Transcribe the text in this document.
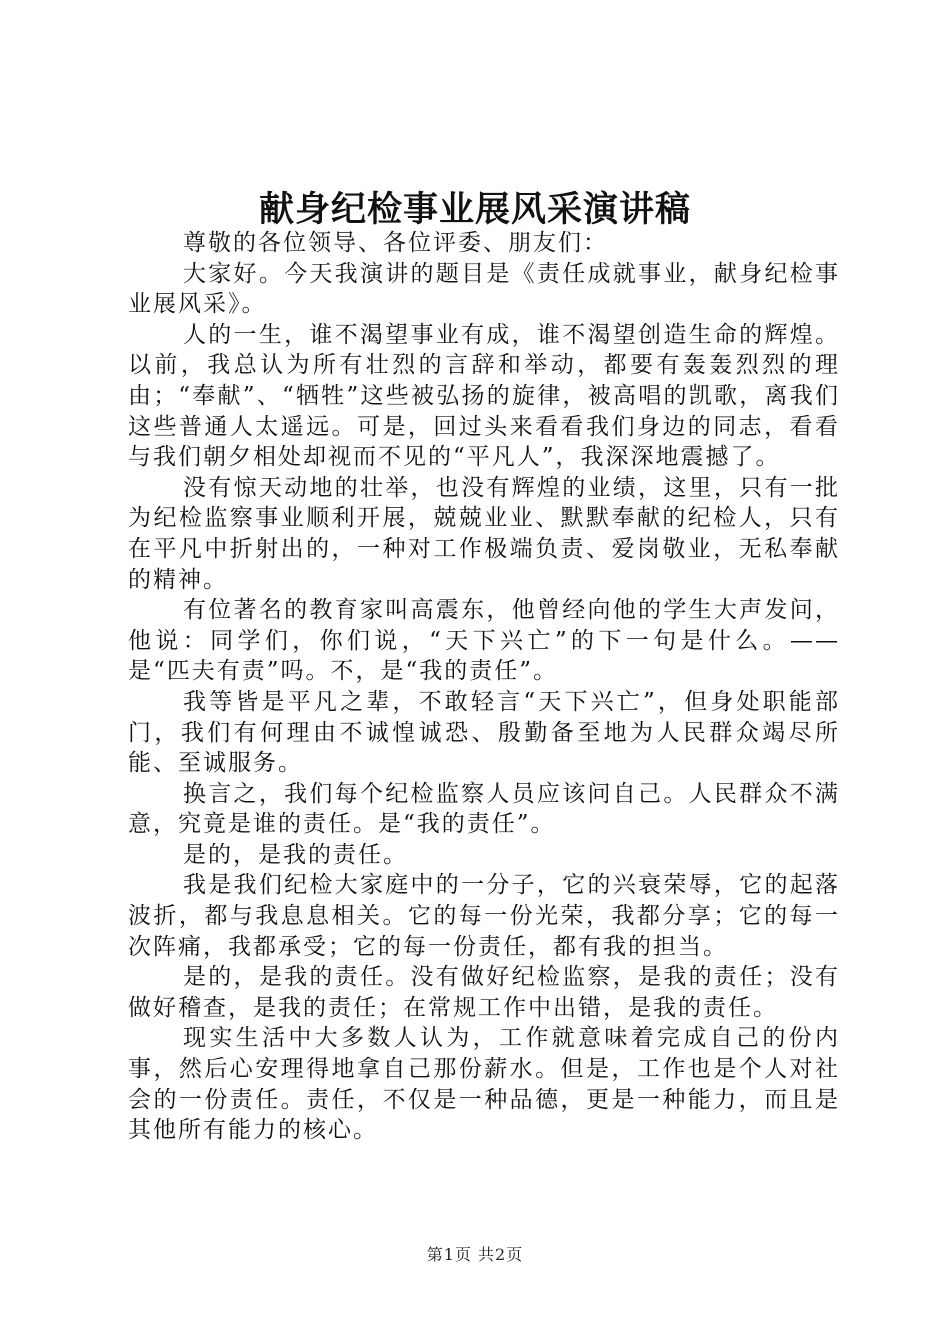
献身纪检事业展风采演讲稿

尊敬的各位领导、各位评委、朋友们：

大家好。今天我演讲的题目是《责任成就事业，献身纪检事业展风采》。

人的一生，谁不渴望事业有成，谁不渴望创造生命的辉煌。以前，我总认为所有壮烈的言辞和举动，都要有轰轰烈烈的理由；“奉献”、“牺牲”这些被弘扬的旋律，被高唱的凯歌，离我们这些普通人太遥远。可是，回过头来看看我们身边的同志，看看与我们朝夕相处却视而不见的“平凡人”，我深深地震撼了。

没有惊天动地的壮举，也没有辉煌的业绩，这里，只有一批为纪检监察事业顺利开展，兢兢业业、默默奉献的纪检人，只有在平凡中折射出的，一种对工作极端负责、爱岗敬业，无私奉献的精神。

有位著名的教育家叫高震东，他曾经向他的学生大声发问，他说：同学们，你们说，“天下兴亡”的下一句是什么。——是“匹夫有责”吗。不，是“我的责任”。

我等皆是平凡之辈，不敢轻言“天下兴亡”，但身处职能部门，我们有何理由不诚惶诚恐、殷勤备至地为人民群众竭尽所能、至诚服务。

换言之，我们每个纪检监察人员应该问自己。人民群众不满意，究竟是谁的责任。是“我的责任”。

是的，是我的责任。

我是我们纪检大家庭中的一分子，它的兴衰荣辱，它的起落波折，都与我息息相关。它的每一份光荣，我都分享；它的每一次阵痛，我都承受；它的每一份责任，都有我的担当。

是的，是我的责任。没有做好纪检监察，是我的责任；没有做好稽查，是我的责任；在常规工作中出错，是我的责任。

现实生活中大多数人认为，工作就意味着完成自己的份内事，然后心安理得地拿自己那份薪水。但是，工作也是个人对社会的一份责任。责任，不仅是一种品德，更是一种能力，而且是其他所有能力的核心。

第1页 共2页
